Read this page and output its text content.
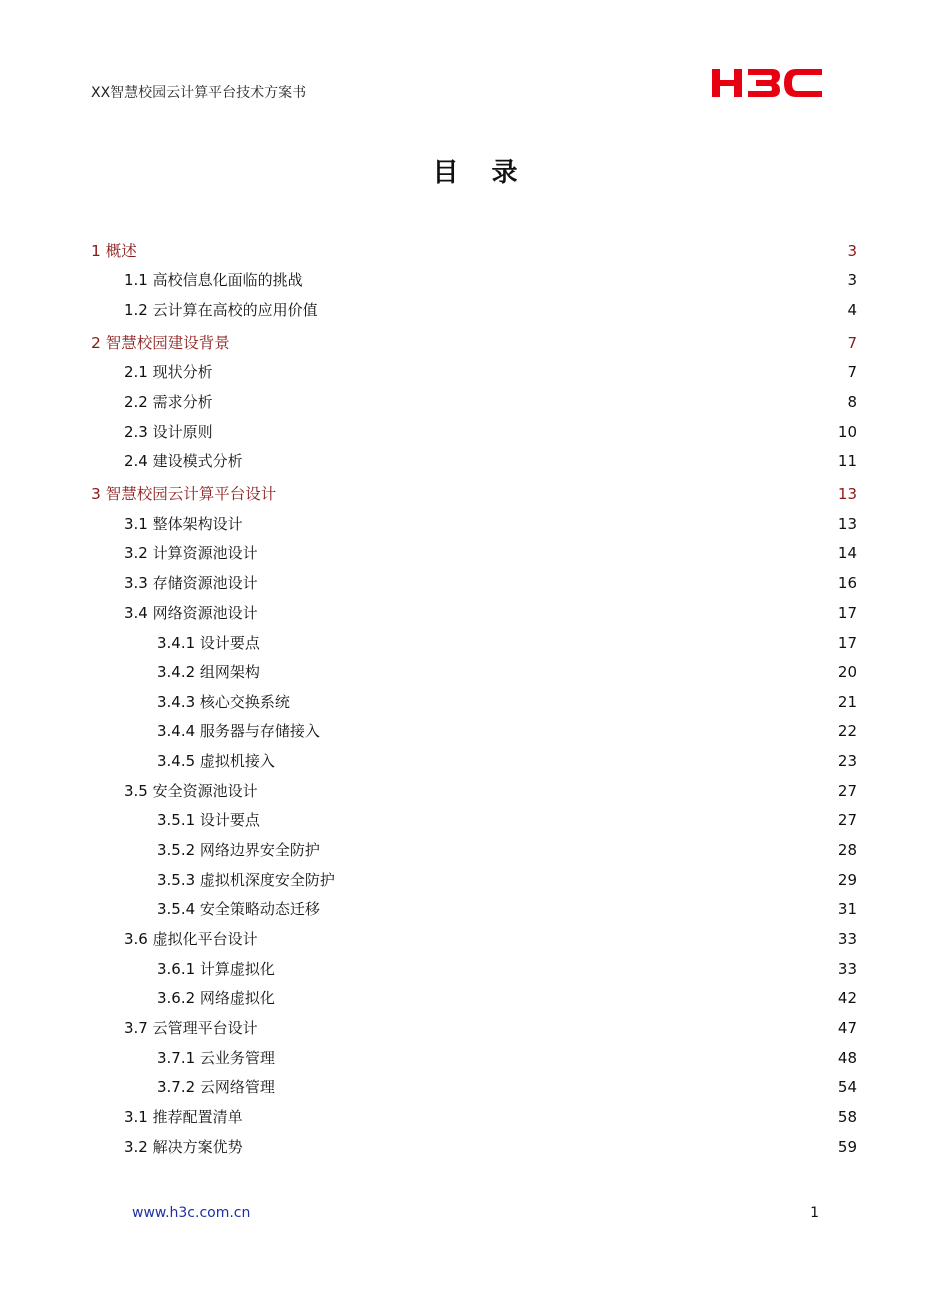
XX智慧校园云计算平台技术方案书
目 录
1 概述	3
1.1 高校信息化面临的挑战	3
1.2 云计算在高校的应用价值	4
2 智慧校园建设背景	7
2.1 现状分析	7
2.2 需求分析	8
2.3 设计原则	10
2.4 建设模式分析	11
3 智慧校园云计算平台设计	13
3.1 整体架构设计	13
3.2 计算资源池设计	14
3.3 存储资源池设计	16
3.4 网络资源池设计	17
3.4.1 设计要点	17
3.4.2 组网架构	20
3.4.3 核心交换系统	21
3.4.4 服务器与存储接入	22
3.4.5 虚拟机接入	23
3.5 安全资源池设计	27
3.5.1 设计要点	27
3.5.2 网络边界安全防护	28
3.5.3 虚拟机深度安全防护	29
3.5.4 安全策略动态迁移	31
3.6 虚拟化平台设计	33
3.6.1 计算虚拟化	33
3.6.2 网络虚拟化	42
3.7 云管理平台设计	47
3.7.1 云业务管理	48
3.7.2 云网络管理	54
3.1 推荐配置清单	58
3.2 解决方案优势	59
www.h3c.com.cn	1
